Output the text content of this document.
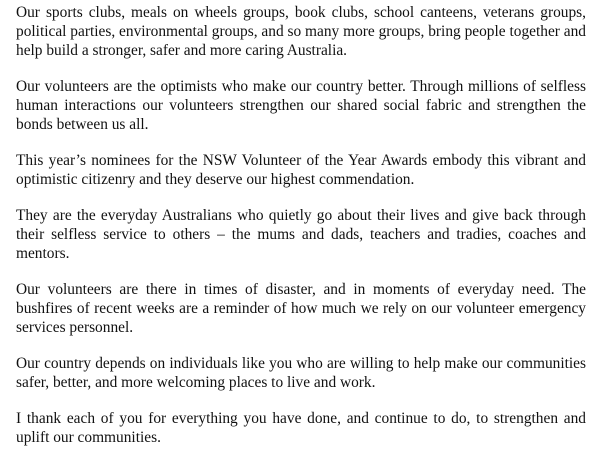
Our sports clubs, meals on wheels groups, book clubs, school canteens, veterans groups, political parties, environmental groups, and so many more groups, bring people together and help build a stronger, safer and more caring Australia.

Our volunteers are the optimists who make our country better. Through millions of selfless human interactions our volunteers strengthen our shared social fabric and strengthen the bonds between us all.

This year’s nominees for the NSW Volunteer of the Year Awards embody this vibrant and optimistic citizenry and they deserve our highest commendation.

They are the everyday Australians who quietly go about their lives and give back through their selfless service to others – the mums and dads, teachers and tradies, coaches and mentors.

Our volunteers are there in times of disaster, and in moments of everyday need. The bushfires of recent weeks are a reminder of how much we rely on our volunteer emergency services personnel.

Our country depends on individuals like you who are willing to help make our communities safer, better, and more welcoming places to live and work.

I thank each of you for everything you have done, and continue to do, to strengthen and uplift our communities.
